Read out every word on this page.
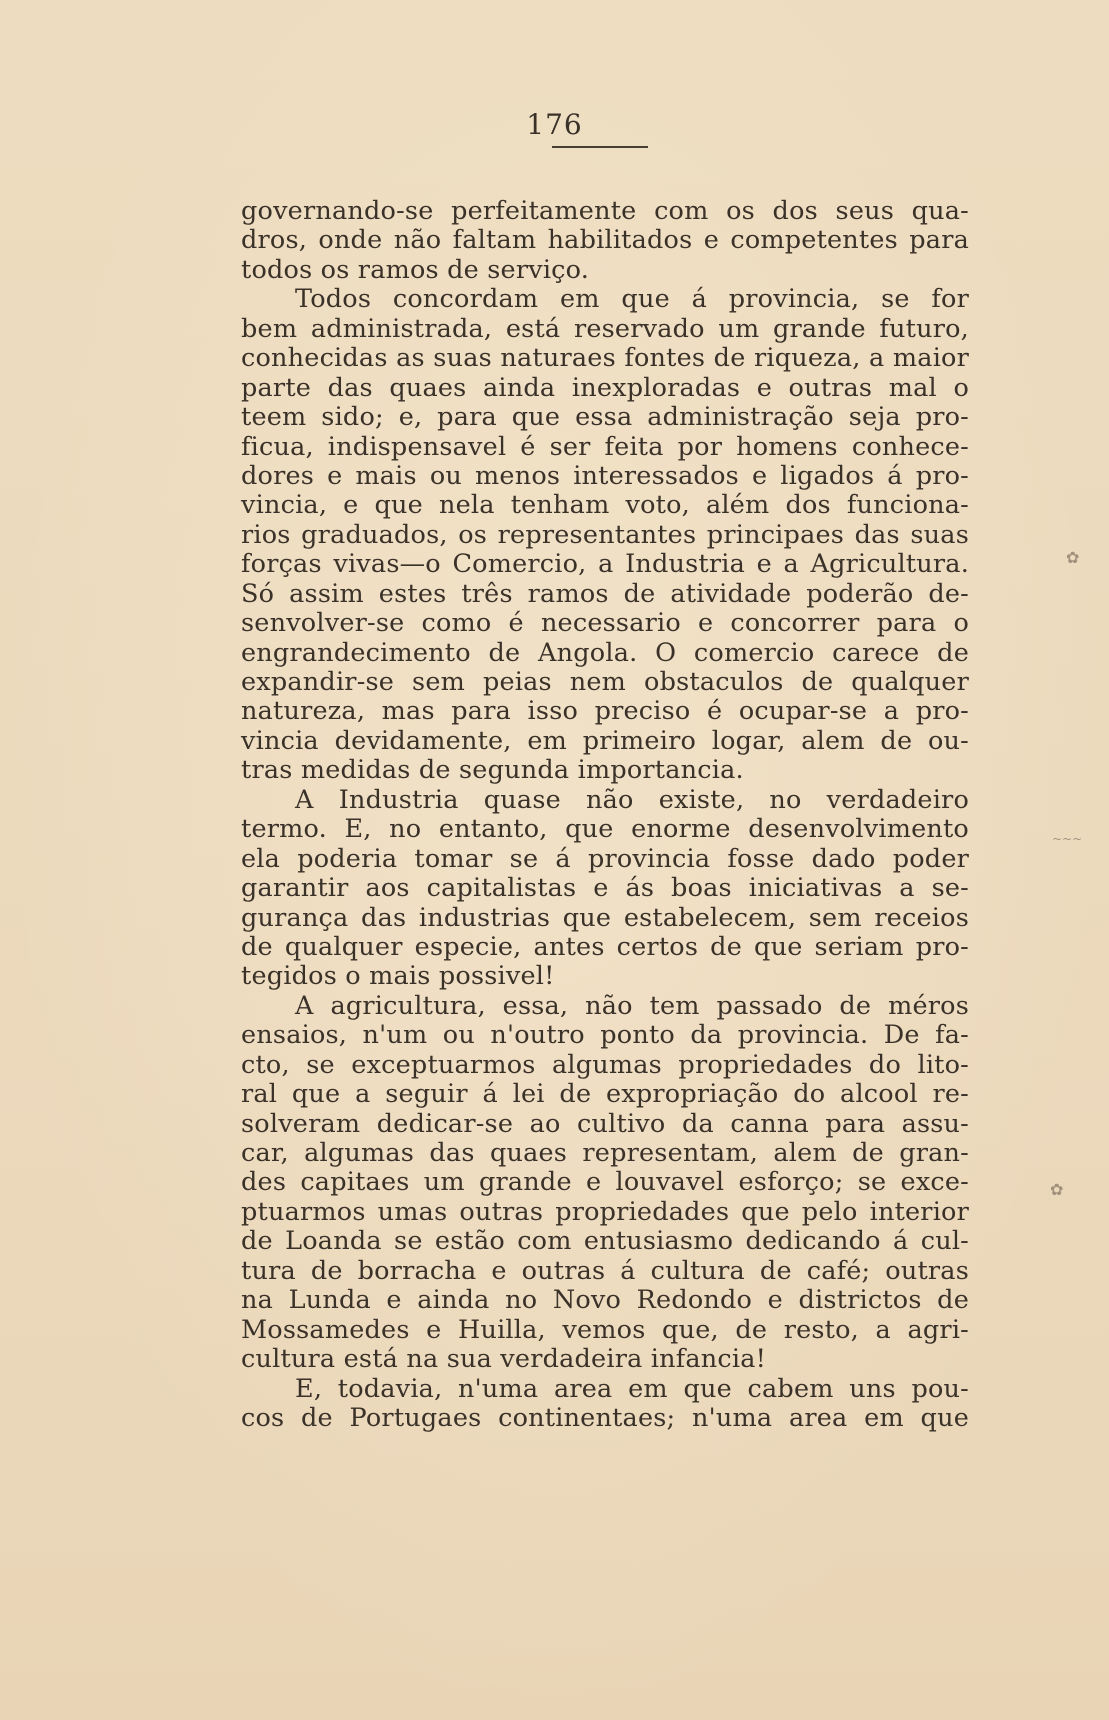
176
governando-se perfeitamente com os dos seus qua-
dros, onde não faltam habilitados e competentes para
todos os ramos de serviço.
Todos concordam em que á provincia, se for
bem administrada, está reservado um grande futuro,
conhecidas as suas naturaes fontes de riqueza, a maior
parte das quaes ainda inexploradas e outras mal o
teem sido; e, para que essa administração seja pro-
ficua, indispensavel é ser feita por homens conhece-
dores e mais ou menos interessados e ligados á pro-
vincia, e que nela tenham voto, além dos funciona-
rios graduados, os representantes principaes das suas
forças vivas—o Comercio, a Industria e a Agricultura.
Só assim estes três ramos de atividade poderão de-
senvolver-se como é necessario e concorrer para o
engrandecimento de Angola. O comercio carece de
expandir-se sem peias nem obstaculos de qualquer
natureza, mas para isso preciso é ocupar-se a pro-
vincia devidamente, em primeiro logar, alem de ou-
tras medidas de segunda importancia.
A Industria quase não existe, no verdadeiro
termo. E, no entanto, que enorme desenvolvimento
ela poderia tomar se á provincia fosse dado poder
garantir aos capitalistas e ás boas iniciativas a se-
gurança das industrias que estabelecem, sem receios
de qualquer especie, antes certos de que seriam pro-
tegidos o mais possivel!
A agricultura, essa, não tem passado de méros
ensaios, n'um ou n'outro ponto da provincia. De fa-
cto, se exceptuarmos algumas propriedades do lito-
ral que a seguir á lei de expropriação do alcool re-
solveram dedicar-se ao cultivo da canna para assu-
car, algumas das quaes representam, alem de gran-
des capitaes um grande e louvavel esforço; se exce-
ptuarmos umas outras propriedades que pelo interior
de Loanda se estão com entusiasmo dedicando á cul-
tura de borracha e outras á cultura de café; outras
na Lunda e ainda no Novo Redondo e districtos de
Mossamedes e Huilla, vemos que, de resto, a agri-
cultura está na sua verdadeira infancia!
E, todavia, n'uma area em que cabem uns pou-
cos de Portugaes continentaes; n'uma area em que
✿
~~~
✿
